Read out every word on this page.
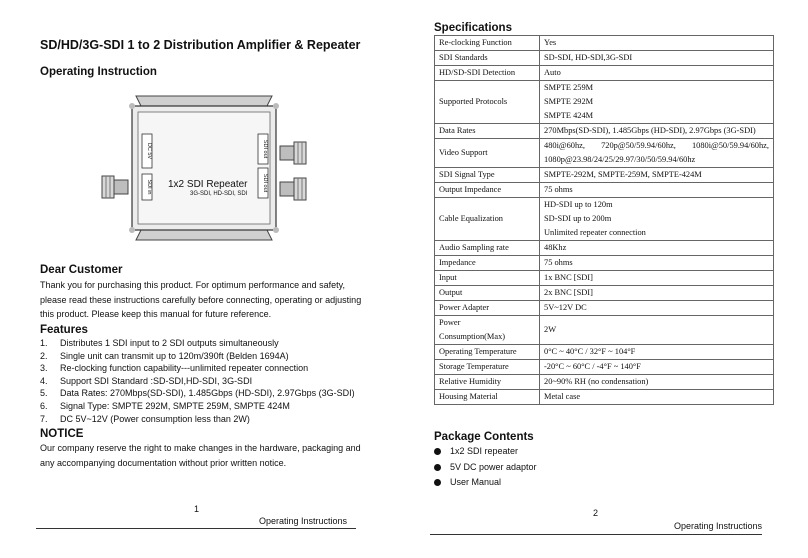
SD/HD/3G-SDI 1 to 2 Distribution Amplifier & Repeater
Operating Instruction
DC 5V
SDI in
SDI out
SDI out
1x2 SDI Repeater
3G-SDI, HD-SDI, SDI
Dear Customer
Thank you for purchasing this product. For optimum performance and safety,
please read these instructions carefully before connecting, operating or adjusting
this product. Please keep this manual for future reference.
Features
1.	Distributes 1 SDI input to 2 SDI outputs simultaneously
2.	Single unit can transmit up to 120m/390ft (Belden 1694A)
3.	Re-clocking function capability---unlimited repeater connection
4.	Support SDI Standard :SD-SDI,HD-SDI, 3G-SDI
5.	Data Rates: 270Mbps(SD-SDI), 1.485Gbps (HD-SDI), 2.97Gbps (3G-SDI)
6.	Signal Type: SMPTE 292M, SMPTE 259M, SMPTE 424M
7.	DC 5V~12V (Power consumption less than 2W)
NOTICE
Our company reserve the right to make changes in the hardware, packaging and
any accompanying documentation without prior written notice.
1
Operating Instructions
Specifications
Re-clocking Function	Yes
SDI Standards	SD-SDI, HD-SDI,3G-SDI
HD/SD-SDI Detection	Auto
Supported Protocols	SMPTE 259M
SMPTE 292M
SMPTE 424M

Data Rates	270Mbps(SD-SDI), 1.485Gbps (HD-SDI), 2.97Gbps (3G-SDI)
Video Support	480i@60hz, 720p@50/59.94/60hz, 1080i@50/59.94/60hz,
1080p@23.98/24/25/29.97/30/50/59.94/60hz

SDI Signal Type	SMPTE-292M, SMPTE-259M, SMPTE-424M
Output Impedance	75 ohms
Cable Equalization	HD-SDI up to 120m
SD-SDI up to 200m
Unlimited repeater connection

Audio Sampling rate	48Khz
Impedance	75 ohms
Input	1x BNC [SDI]
Output	2x BNC [SDI]
Power Adapter	5V~12V DC

Power
Consumption(Max)	2W
Operating Temperature	0°C ~ 40°C / 32°F ~ 104°F
Storage Temperature	-20°C ~ 60°C / -4°F ~ 140°F
Relative Humidity	20~90% RH (no condensation)
Housing Material	Metal case
Package Contents
1x2 SDI repeater
5V DC power adaptor
User Manual
2
Operating Instructions
